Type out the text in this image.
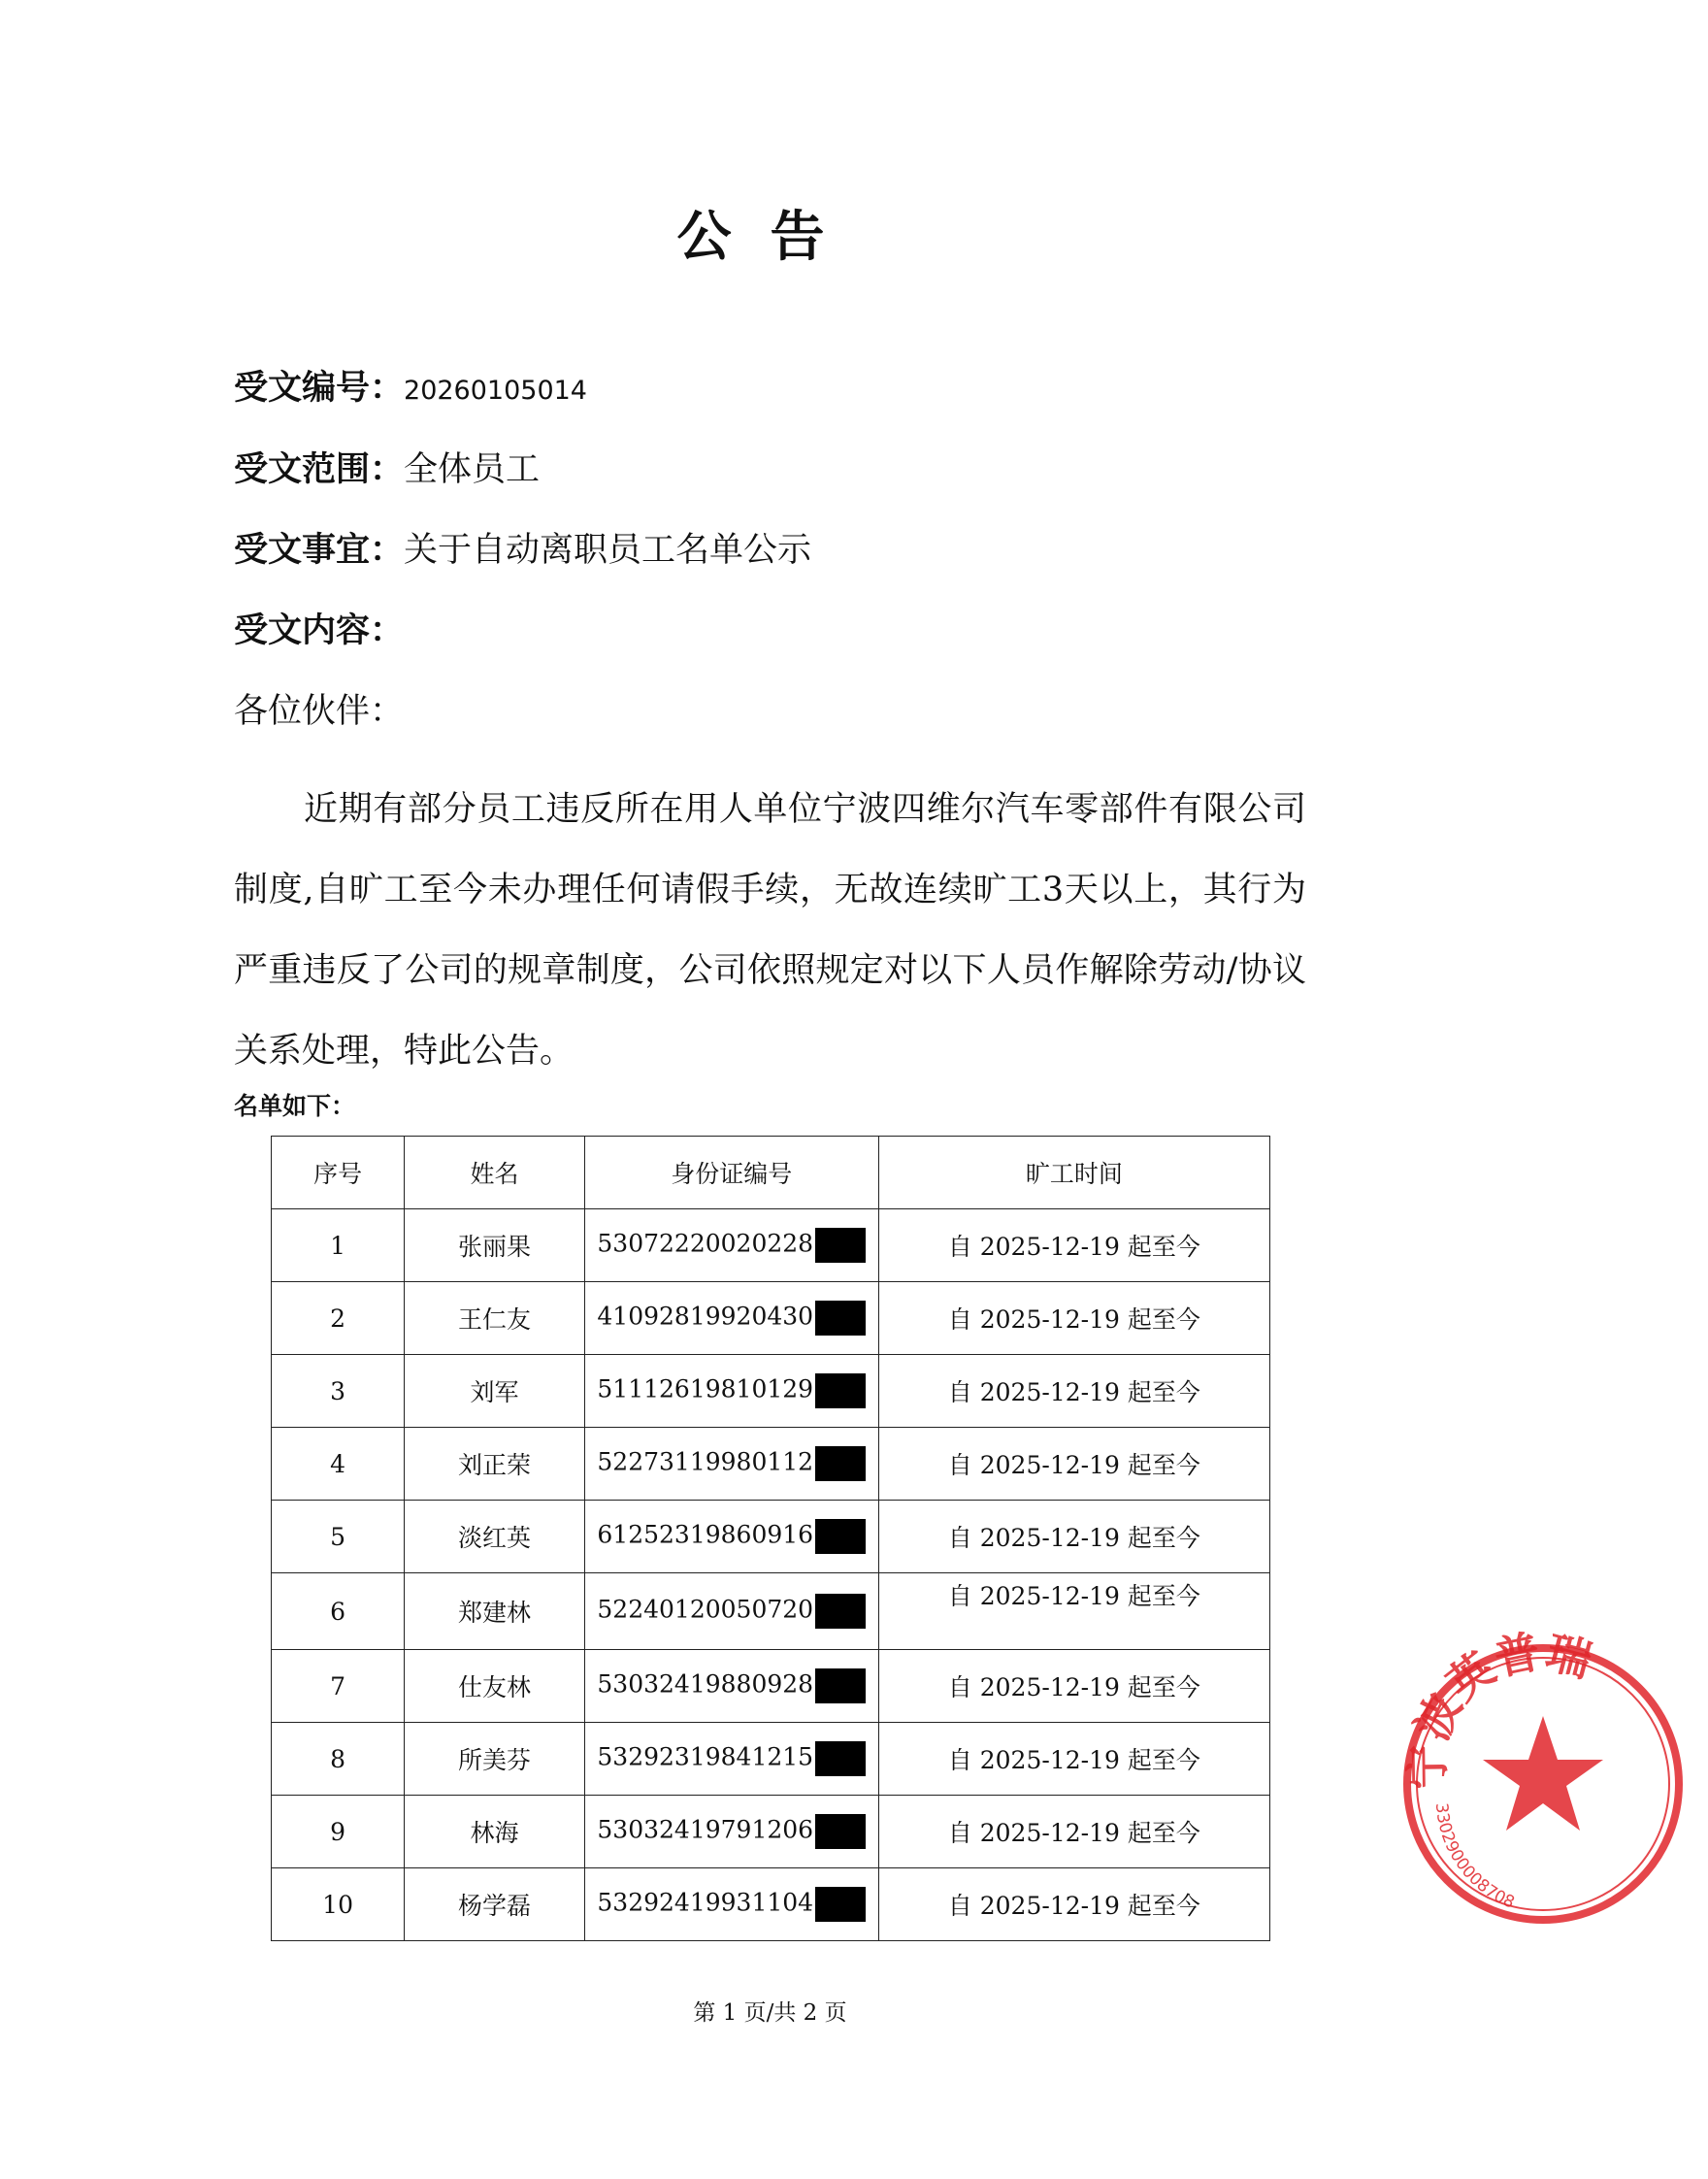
公告
受文编号：20260105014
受文范围：全体员工
受文事宜：关于自动离职员工名单公示
受文内容：
各位伙伴：
近期有部分员工违反所在用人单位宁波四维尔汽车零部件有限公司制度,自旷工至今未办理任何请假手续，无故连续旷工3天以上，其行为严重违反了公司的规章制度，公司依照规定对以下人员作解除劳动/协议关系处理，特此公告。
名单如下：
序号	姓名	身份证编号	旷工时间
1	张丽果	53072220020228	自 2025-12-19 起至今
2	王仁友	41092819920430	自 2025-12-19 起至今
3	刘军	51112619810129	自 2025-12-19 起至今
4	刘正荣	52273119980112	自 2025-12-19 起至今
5	淡红英	61252319860916	自 2025-12-19 起至今
6	郑建林	52240120050720	自 2025-12-19 起至今
7	仕友林	53032419880928	自 2025-12-19 起至今
8	所美芬	53292319841215	自 2025-12-19 起至今
9	林海	53032419791206	自 2025-12-19 起至今
10	杨学磊	53292419931104	自 2025-12-19 起至今
第 1 页/共 2 页
宁波英普瑞
3302900008708
